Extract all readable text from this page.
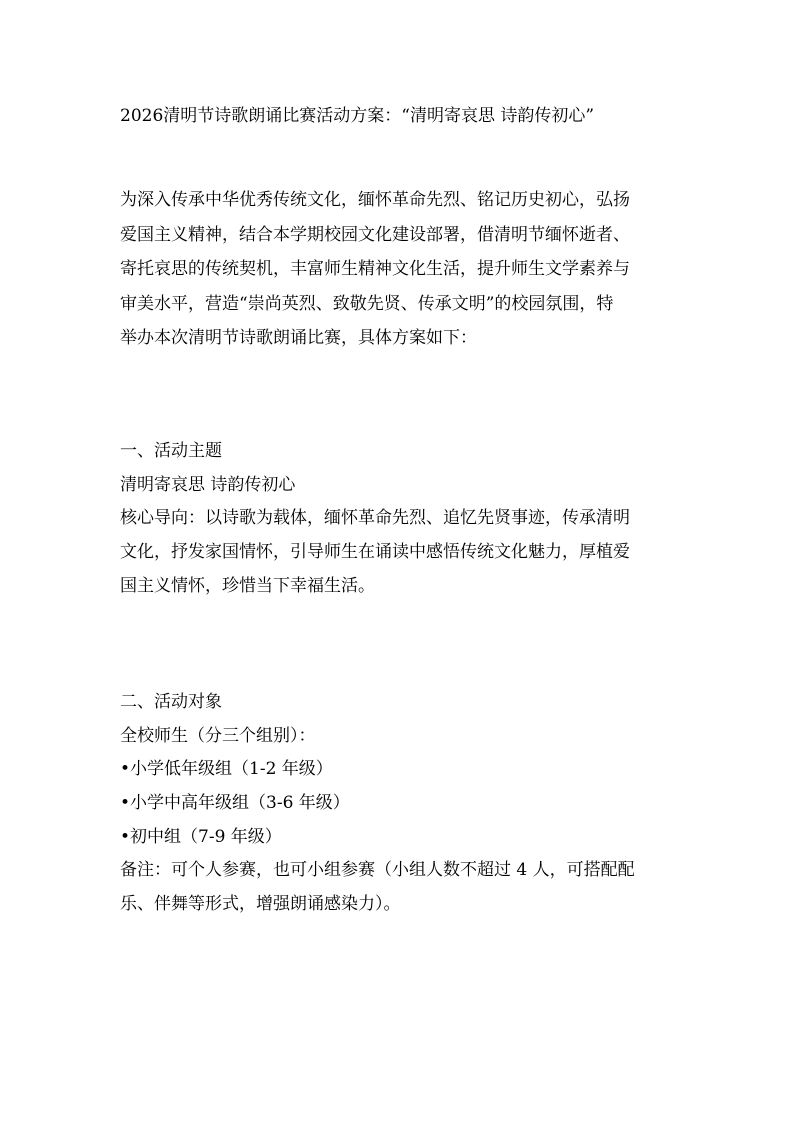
2026清明节诗歌朗诵比赛活动方案：“清明寄哀思 诗韵传初心”
为深入传承中华优秀传统文化，缅怀革命先烈、铭记历史初心，弘扬
爱国主义精神，结合本学期校园文化建设部署，借清明节缅怀逝者、
寄托哀思的传统契机，丰富师生精神文化生活，提升师生文学素养与
审美水平，营造“崇尚英烈、致敬先贤、传承文明”的校园氛围，特
举办本次清明节诗歌朗诵比赛，具体方案如下：
一、活动主题
清明寄哀思 诗韵传初心
核心导向：以诗歌为载体，缅怀革命先烈、追忆先贤事迹，传承清明
文化，抒发家国情怀，引导师生在诵读中感悟传统文化魅力，厚植爱
国主义情怀，珍惜当下幸福生活。
二、活动对象
全校师生（分三个组别）：
•小学低年级组（1-2 年级）
•小学中高年级组（3-6 年级）
•初中组（7-9 年级）
备注：可个人参赛，也可小组参赛（小组人数不超过 4 人，可搭配配
乐、伴舞等形式，增强朗诵感染力）。
